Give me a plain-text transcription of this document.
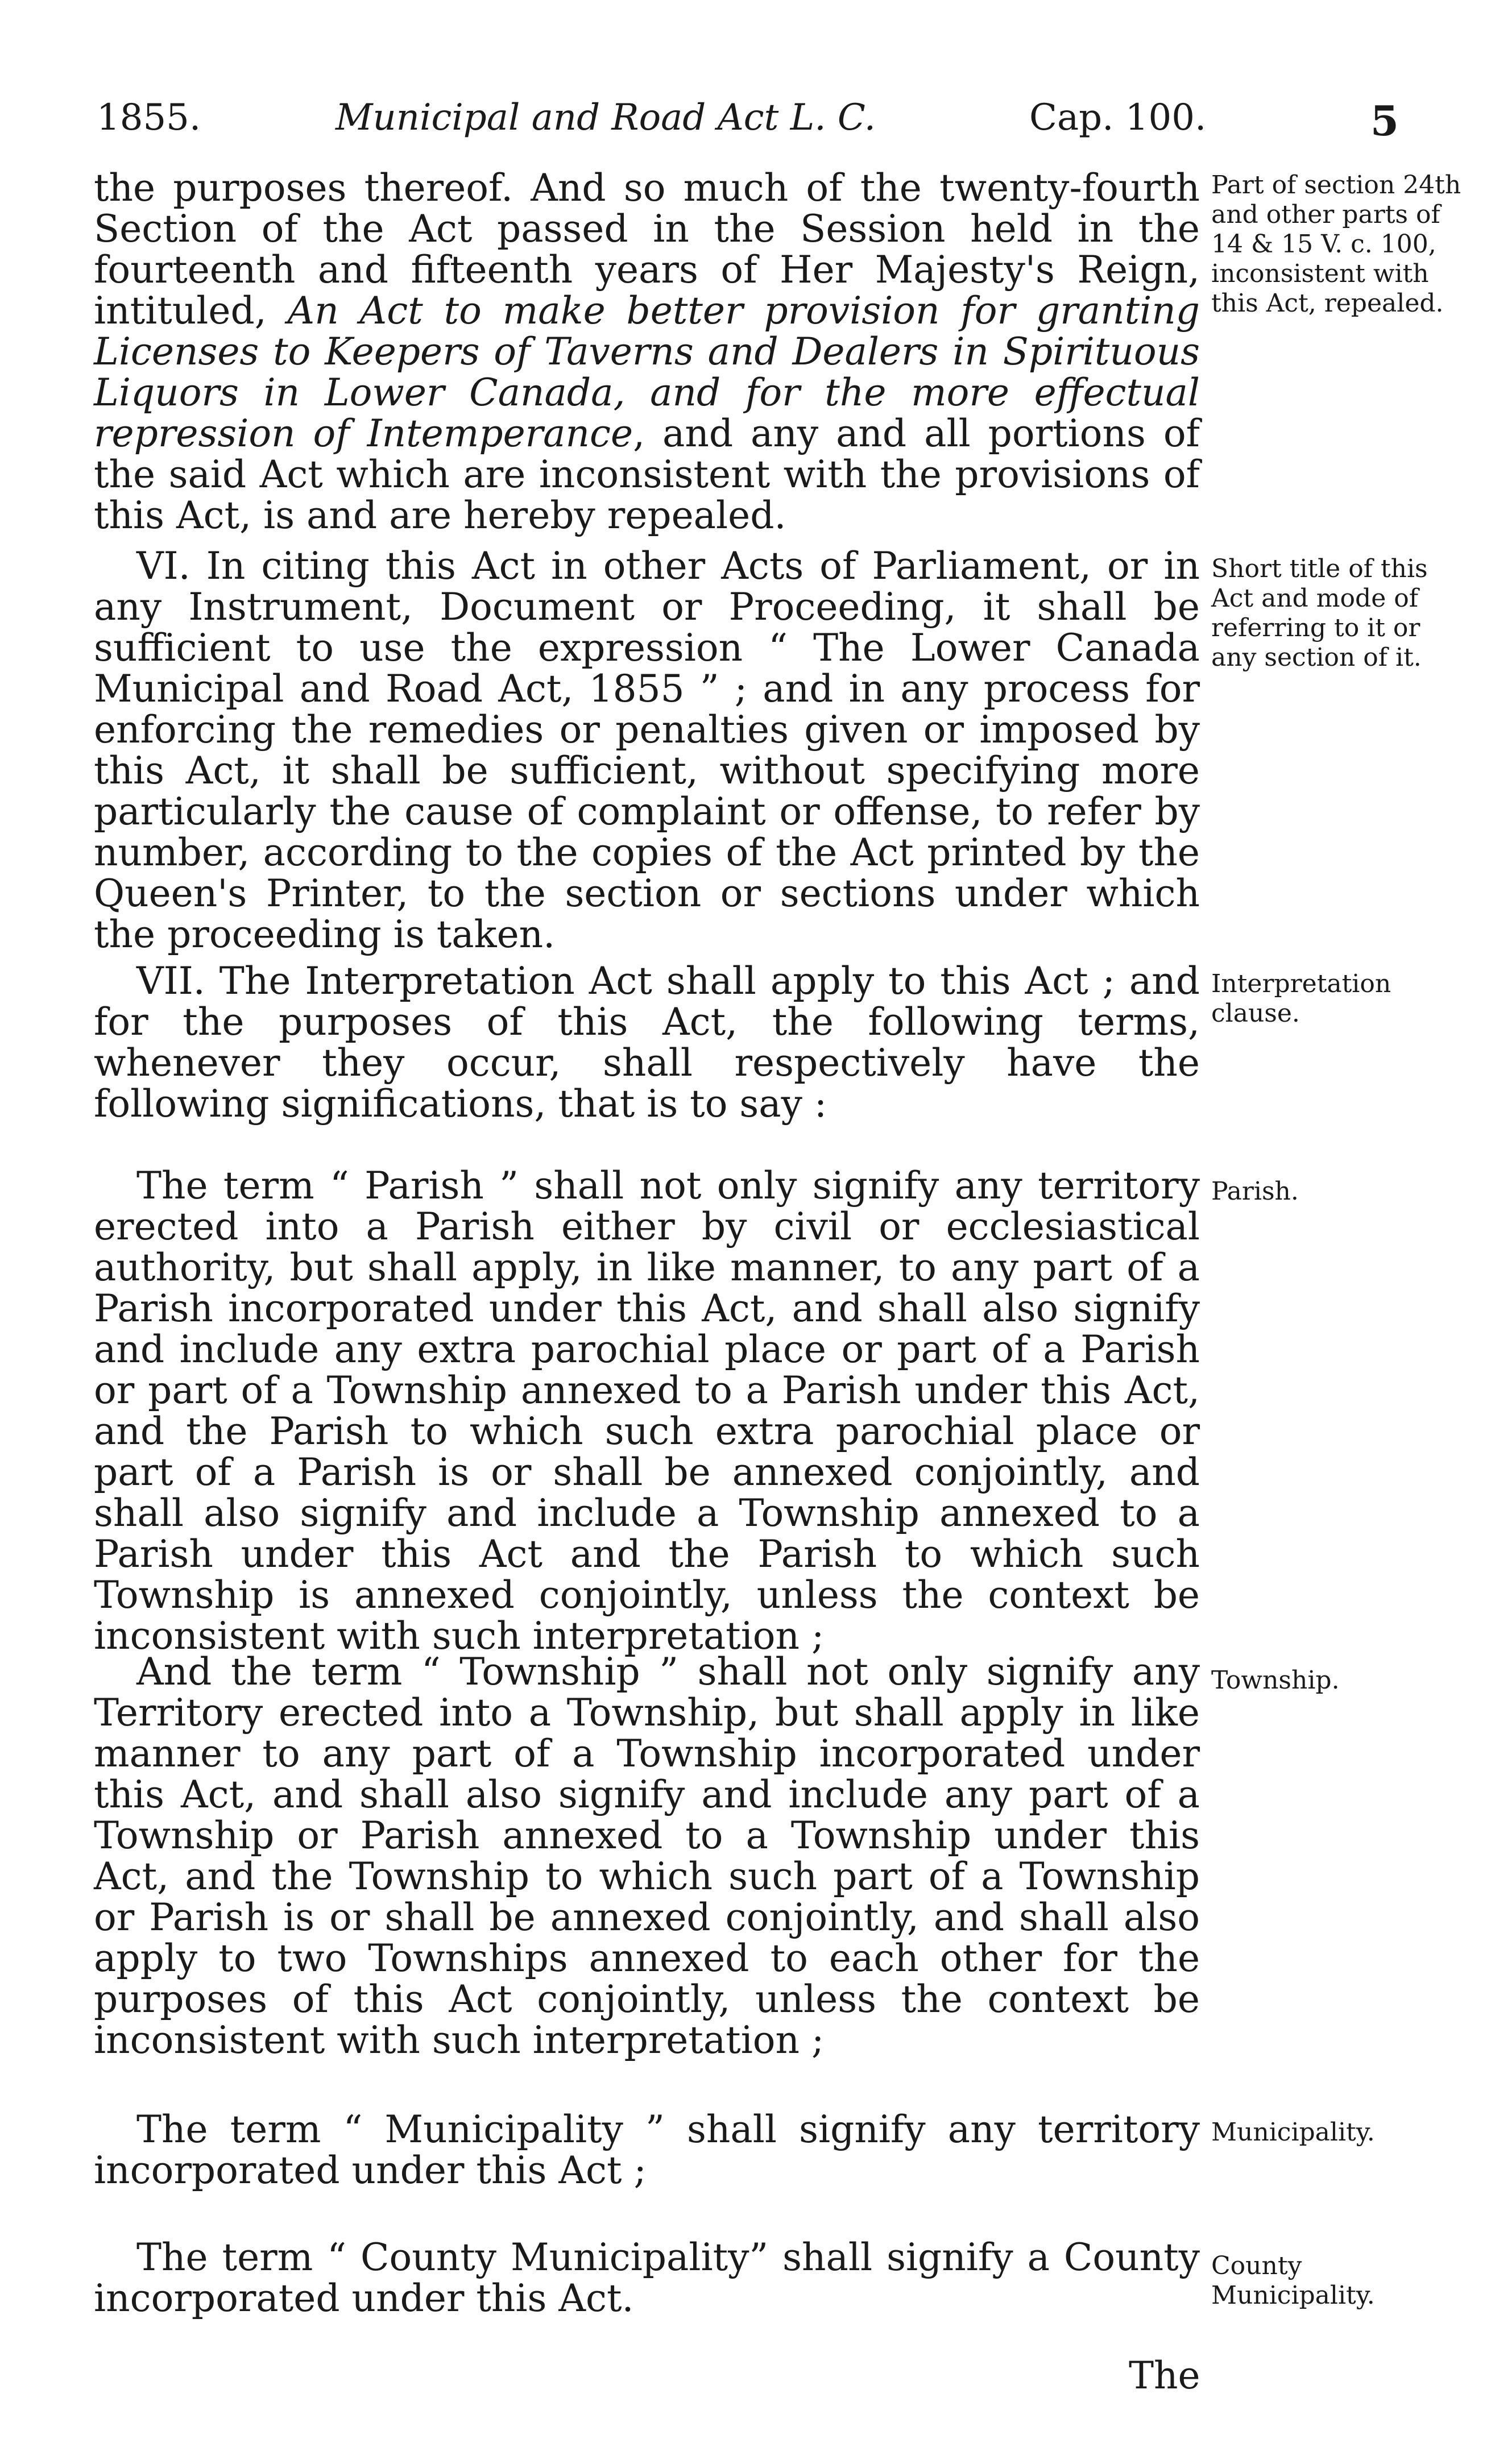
1855.	Municipal and Road Act L. C.	Cap. 100.	5

the purposes thereof. And so much of the twenty-fourth Section of the Act passed in the Session held in the fourteenth and fifteenth years of Her Majesty's Reign, intituled, An Act to make better provision for granting Licenses to Keepers of Taverns and Dealers in Spirituous Liquors in Lower Canada, and for the more effectual repression of Intemperance, and any and all portions of the said Act which are inconsistent with the provisions of this Act, is and are hereby repealed.

Part of section 24th and other parts of 14 & 15 V. c. 100, inconsistent with this Act, repealed.

VI. In citing this Act in other Acts of Parliament, or in any Instrument, Document or Proceeding, it shall be sufficient to use the expression “ The Lower Canada Municipal and Road Act, 1855 ” ; and in any process for enforcing the remedies or penalties given or imposed by this Act, it shall be sufficient, without specifying more particularly the cause of complaint or offense, to refer by number, according to the copies of the Act printed by the Queen's Printer, to the section or sections under which the proceeding is taken.

Short title of this Act and mode of referring to it or any section of it.

VII. The Interpretation Act shall apply to this Act ; and for the purposes of this Act, the following terms, whenever they occur, shall respectively have the following significations, that is to say :

Interpretation clause.

The term “ Parish ” shall not only signify any territory erected into a Parish either by civil or ecclesiastical authority, but shall apply, in like manner, to any part of a Parish incorporated under this Act, and shall also signify and include any extra parochial place or part of a Parish or part of a Township annexed to a Parish under this Act, and the Parish to which such extra parochial place or part of a Parish is or shall be annexed conjointly, and shall also signify and include a Township annexed to a Parish under this Act and the Parish to which such Township is annexed conjointly, unless the context be inconsistent with such interpretation ;

Parish.

And the term “ Township ” shall not only signify any Territory erected into a Township, but shall apply in like manner to any part of a Township incorporated under this Act, and shall also signify and include any part of a Township or Parish annexed to a Township under this Act, and the Township to which such part of a Township or Parish is or shall be annexed conjointly, and shall also apply to two Townships annexed to each other for the purposes of this Act conjointly, unless the context be inconsistent with such interpretation ;

Township.

The term “ Municipality ” shall signify any territory incorporated under this Act ;

Municipality.

The term “ County Municipality” shall signify a County incorporated under this Act.

County Municipality.
The
